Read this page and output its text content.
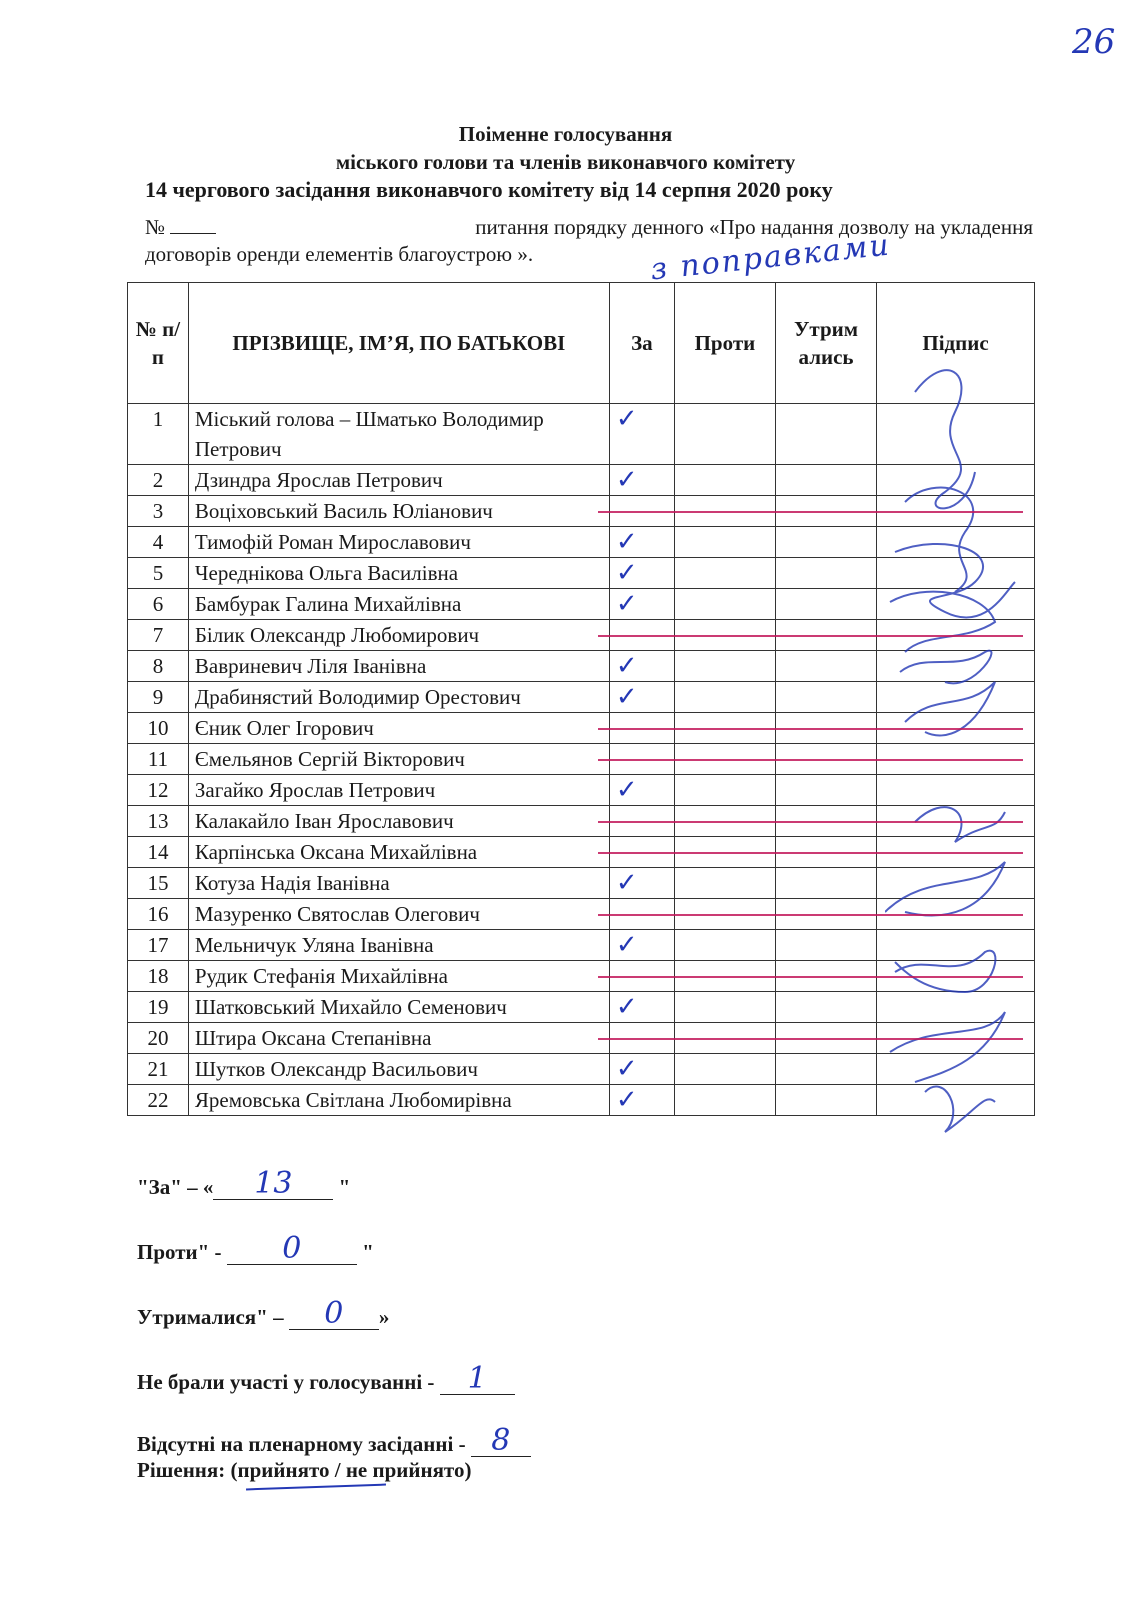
26
Поіменне голосування
міського голови та членів виконавчого комітету
14 чергового засідання виконавчого комітету від 14 серпня 2020 року
№	питання порядку денного «Про надання дозволу на укладення
договорів оренди елементів благоустрою ».	з поправками
№ п/п	ПРІЗВИЩЕ, ІМ’Я, ПО БАТЬКОВІ	За	Проти	Утрим ались	Підпис
1	Міський голова – Шматько Володимир Петрович	✓			
2	Дзиндра Ярослав Петрович	✓			
3	Воціховський Василь Юліанович				
4	Тимофій Роман Мирославович	✓			
5	Череднікова Ольга Василівна	✓			
6	Бамбурак Галина Михайлівна	✓			
7	Білик Олександр Любомирович				
8	Вавриневич Ліля Іванівна	✓			
9	Драбинястий Володимир Орестович	✓			
10	Єник Олег Ігорович				
11	Ємельянов Сергій Вікторович				
12	Загайко Ярослав Петрович	✓			
13	Калакайло Іван Ярославович				
14	Карпінська Оксана Михайлівна				
15	Котуза Надія Іванівна	✓			
16	Мазуренко Святослав Олегович				
17	Мельничук Уляна Іванівна	✓			
18	Рудик Стефанія Михайлівна				
19	Шатковський Михайло Семенович	✓			
20	Штира Оксана Степанівна				
21	Шутков Олександр Васильович	✓			
22	Яремовська Світлана Любомирівна	✓			
"За" – «	13	"
Проти" -	0	"
Утрималися" –	0	»
Не брали участі у голосуванні - 1
Відсутні на пленарному засіданні - 8
Рішення: (прийнято / не прийнято)
